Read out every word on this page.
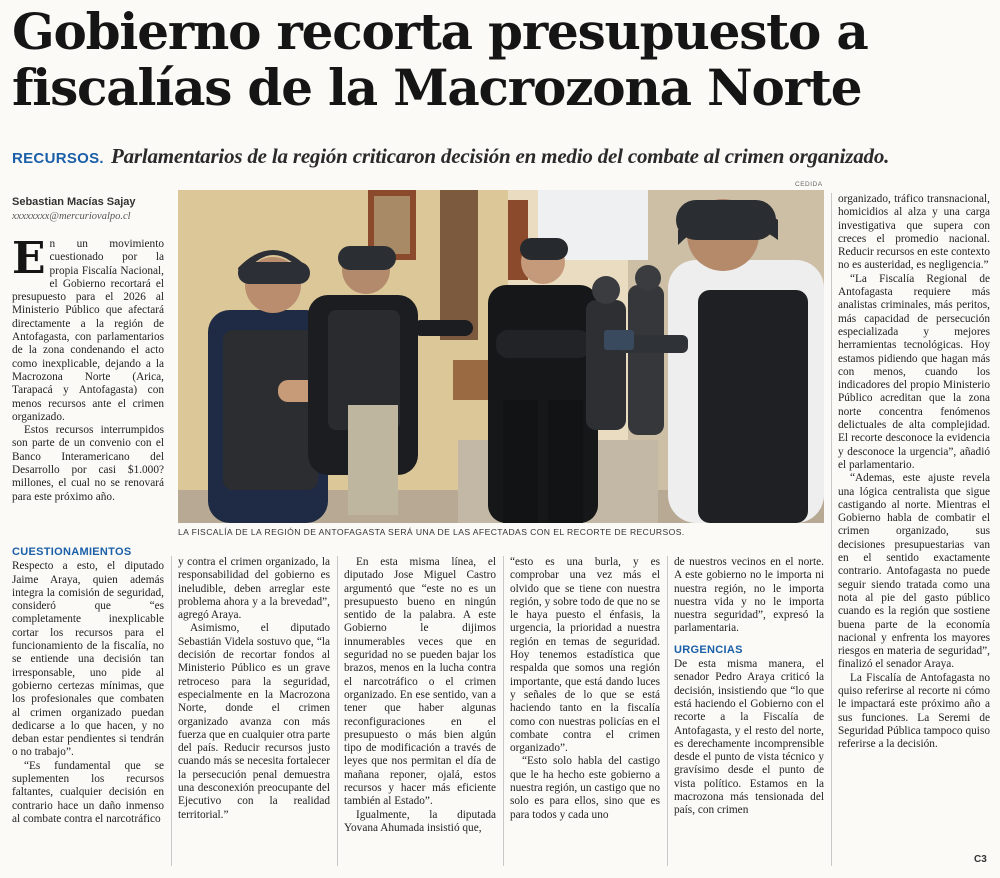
Gobierno recorta presupuesto a
fiscalías de la Macrozona Norte
RECURSOS. Parlamentarios de la región criticaron decisión en medio del combate al crimen organizado.
Sebastian Macías Sajay
xxxxxxxx@mercuriovalpo.cl

En un movimiento cuestionado por la propia Fiscalía Nacional, el Gobierno recortará el presupuesto para el 2026 al Ministerio Público que afectará directamente a la región de Antofagasta, con parlamentarios de la zona condenando el acto como inexplicable, dejando a la Macrozona Norte (Arica, Tarapacá y Antofagasta) con menos recursos ante el crimen organizado.

Estos recursos interrumpidos son parte de un convenio con el Banco Interamericano del Desarrollo por casi $1.000?millones, el cual no se renovará para este próximo año.

CUESTIONAMIENTOS

Respecto a esto, el diputado Jaime Araya, quien además integra la comisión de seguridad, consideró que “es completamente inexplicable cortar los recursos para el funcionamiento de la fiscalía, no se entiende una decisión tan irresponsable, uno pide al gobierno certezas mínimas, que los profesionales que combaten al crimen organizado puedan dedicarse a lo que hacen, y no deban estar pendientes si tendrán o no trabajo”.

“Es fundamental que se suplementen los recursos faltantes, cualquier decisión en contrario hace un daño inmenso al combate contra el narcotráfico

y contra el crimen organizado, la responsabilidad del gobierno es ineludible, deben arreglar este problema ahora y a la brevedad”, agregó Araya.

Asimismo, el diputado Sebastián Videla sostuvo que, “la decisión de recortar fondos al Ministerio Público es un grave retroceso para la seguridad, especialmente en la Macrozona Norte, donde el crimen organizado avanza con más fuerza que en cualquier otra parte del país. Reducir recursos justo cuando más se necesita fortalecer la persecución penal demuestra una desconexión preocupante del Ejecutivo con la realidad territorial.”

En esta misma línea, el diputado Jose Miguel Castro argumentó que “este no es un presupuesto bueno en ningún sentido de la palabra. A este Gobierno le dijimos innumerables veces que en seguridad no se pueden bajar los brazos, menos en la lucha contra el narcotráfico o el crimen organizado. En ese sentido, van a tener que haber algunas reconfiguraciones en el presupuesto o más bien algún tipo de modificación a través de leyes que nos permitan el día de mañana reponer, ojalá, estos recursos y hacer más eficiente también al Estado”.

Igualmente, la diputada Yovana Ahumada insistió que,

“esto es una burla, y es comprobar una vez más el olvido que se tiene con nuestra región, y sobre todo de que no se le haya puesto el énfasis, la urgencia, la prioridad a nuestra región en temas de seguridad. Hoy tenemos estadística que respalda que somos una región importante, que está dando luces y señales de lo que se está haciendo tanto en la fiscalía como con nuestras policías en el combate contra el crimen organizado”.

“Esto solo habla del castigo que le ha hecho este gobierno a nuestra región, un castigo que no solo es para ellos, sino que es para todos y cada uno

de nuestros vecinos en el norte. A este gobierno no le importa ni nuestra región, no le importa nuestra vida y no le importa nuestra seguridad”, expresó la parlamentaria.

URGENCIAS

De esta misma manera, el senador Pedro Araya criticó la decisión, insistiendo que “lo que está haciendo el Gobierno con el recorte a la Fiscalía de Antofagasta, y el resto del norte, es derechamente incomprensible desde el punto de vista técnico y gravísimo desde el punto de vista político. Estamos en la macrozona más tensionada del país, con crimen

organizado, tráfico transnacional, homicidios al alza y una carga investigativa que supera con creces el promedio nacional. Reducir recursos en este contexto no es austeridad, es negligencia.”

“La Fiscalía Regional de Antofagasta requiere más analistas criminales, más peritos, más capacidad de persecución especializada y mejores herramientas tecnológicas. Hoy estamos pidiendo que hagan más con menos, cuando los indicadores del propio Ministerio Público acreditan que la zona norte concentra fenómenos delictuales de alta complejidad. El recorte desconoce la evidencia y desconoce la urgencia”, añadió el parlamentario.

“Ademas, este ajuste revela una lógica centralista que sigue castigando al norte. Mientras el Gobierno habla de combatir el crimen organizado, sus decisiones presupuestarias van en el sentido exactamente contrario. Antofagasta no puede seguir siendo tratada como una nota al pie del gasto público cuando es la región que sostiene buena parte de la economía nacional y enfrenta los mayores riesgos en materia de seguridad”, finalizó el senador Araya.

La Fiscalía de Antofagasta no quiso referirse al recorte ni cómo le impactará este próximo año a sus funciones. La Seremi de Seguridad Pública tampoco quiso referirse a la decisión.

C3
CEDIDA
LA FISCALÍA DE LA REGIÓN DE ANTOFAGASTA SERÁ UNA DE LAS AFECTADAS CON EL RECORTE DE RECURSOS.
